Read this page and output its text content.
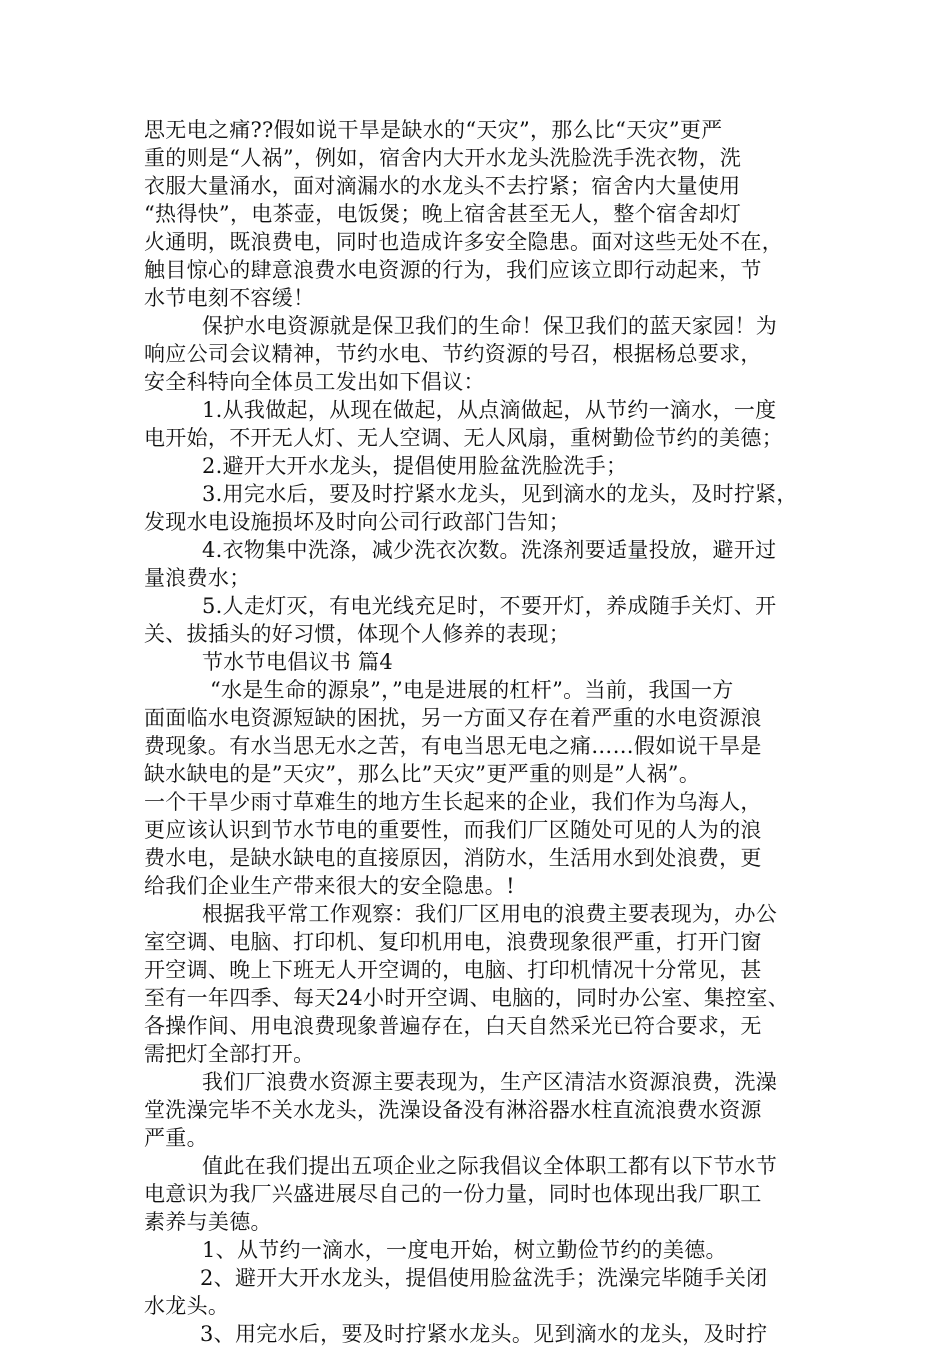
思无电之痛??假如说干旱是缺水的“天灾”，那么比“天灾”更严
重的则是“人祸”，例如，宿舍内大开水龙头洗脸洗手洗衣物，洗
衣服大量涌水，面对滴漏水的水龙头不去拧紧；宿舍内大量使用
“热得快”，电茶壶，电饭煲；晚上宿舍甚至无人，整个宿舍却灯
火通明，既浪费电，同时也造成许多安全隐患。面对这些无处不在，
触目惊心的肆意浪费水电资源的行为，我们应该立即行动起来，节
水节电刻不容缓！
保护水电资源就是保卫我们的生命！保卫我们的蓝天家园！为
响应公司会议精神，节约水电、节约资源的号召，根据杨总要求，
安全科特向全体员工发出如下倡议：
1.从我做起，从现在做起，从点滴做起，从节约一滴水，一度
电开始，不开无人灯、无人空调、无人风扇，重树勤俭节约的美德；
2.避开大开水龙头，提倡使用脸盆洗脸洗手；
3.用完水后，要及时拧紧水龙头，见到滴水的龙头，及时拧紧，
发现水电设施损坏及时向公司行政部门告知；
4.衣物集中洗涤，减少洗衣次数。洗涤剂要适量投放，避开过
量浪费水；
5.人走灯灭，有电光线充足时，不要开灯，养成随手关灯、开
关、拔插头的好习惯，体现个人修养的表现；
节水节电倡议书 篇4
“水是生命的源泉”，”电是进展的杠杆”。当前，我国一方
面面临水电资源短缺的困扰，另一方面又存在着严重的水电资源浪
费现象。有水当思无水之苦，有电当思无电之痛……假如说干旱是
缺水缺电的是”天灾”，那么比”天灾”更严重的则是”人祸”。
一个干旱少雨寸草难生的地方生长起来的企业，我们作为乌海人，
更应该认识到节水节电的重要性，而我们厂区随处可见的人为的浪
费水电，是缺水缺电的直接原因，消防水，生活用水到处浪费，更
给我们企业生产带来很大的安全隐患。!
根据我平常工作观察：我们厂区用电的浪费主要表现为，办公
室空调、电脑、打印机、复印机用电，浪费现象很严重，打开门窗
开空调、晚上下班无人开空调的，电脑、打印机情况十分常见，甚
至有一年四季、每天24小时开空调、电脑的，同时办公室、集控室、
各操作间、用电浪费现象普遍存在，白天自然采光已符合要求，无
需把灯全部打开。
我们厂浪费水资源主要表现为，生产区清洁水资源浪费，洗澡
堂洗澡完毕不关水龙头，洗澡设备没有淋浴器水柱直流浪费水资源
严重。
值此在我们提出五项企业之际我倡议全体职工都有以下节水节
电意识为我厂兴盛进展尽自己的一份力量，同时也体现出我厂职工
素养与美德。
1、从节约一滴水，一度电开始，树立勤俭节约的美德。
2、避开大开水龙头，提倡使用脸盆洗手；洗澡完毕随手关闭
水龙头。
3、用完水后，要及时拧紧水龙头。见到滴水的龙头，及时拧
